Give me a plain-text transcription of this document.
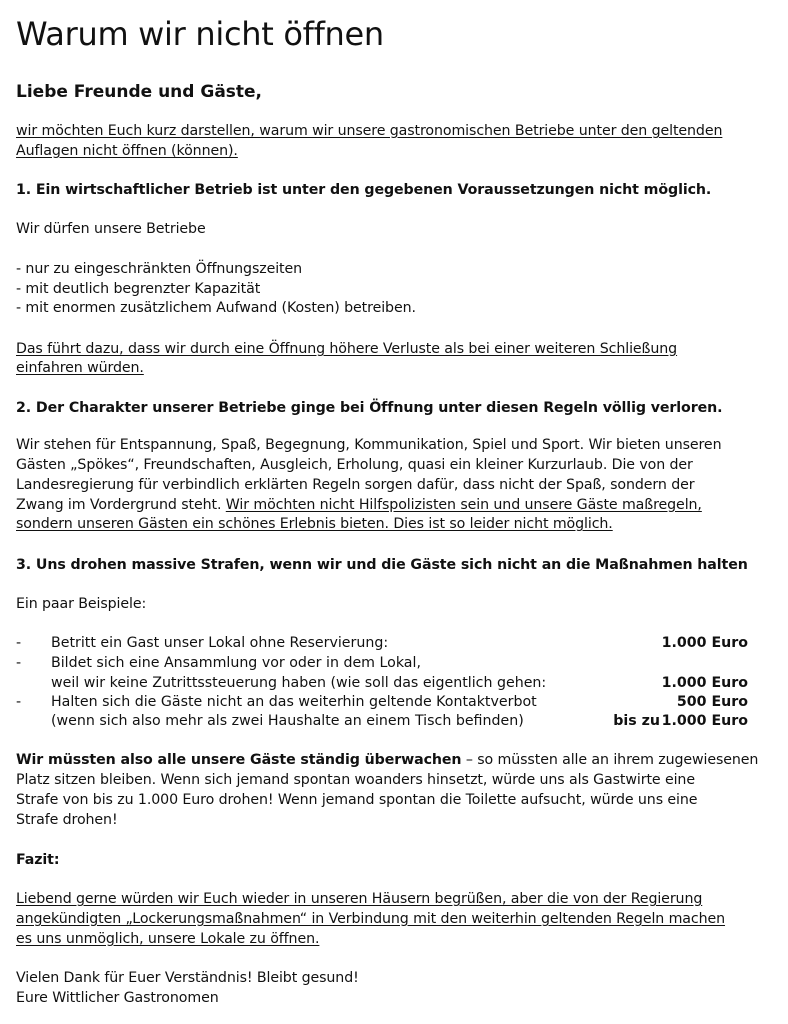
Warum wir nicht öffnen
Liebe Freunde und Gäste,
wir möchten Euch kurz darstellen, warum wir unsere gastronomischen Betriebe unter den geltenden
Auflagen nicht öffnen (können).
1. Ein wirtschaftlicher Betrieb ist unter den gegebenen Voraussetzungen nicht möglich.
Wir dürfen unsere Betriebe
- nur zu eingeschränkten Öffnungszeiten
- mit deutlich begrenzter Kapazität
- mit enormen zusätzlichem Aufwand (Kosten) betreiben.
Das führt dazu, dass wir durch eine Öffnung höhere Verluste als bei einer weiteren Schließung
einfahren würden.
2. Der Charakter unserer Betriebe ginge bei Öffnung unter diesen Regeln völlig verloren.
Wir stehen für Entspannung, Spaß, Begegnung, Kommunikation, Spiel und Sport. Wir bieten unseren
Gästen „Spökes“, Freundschaften, Ausgleich, Erholung, quasi ein kleiner Kurzurlaub. Die von der
Landesregierung für verbindlich erklärten Regeln sorgen dafür, dass nicht der Spaß, sondern der
Zwang im Vordergrund steht. Wir möchten nicht Hilfspolizisten sein und unsere Gäste maßregeln,
sondern unseren Gästen ein schönes Erlebnis bieten. Dies ist so leider nicht möglich.
3. Uns drohen massive Strafen, wenn wir und die Gäste sich nicht an die Maßnahmen halten
Ein paar Beispiele:
- Betritt ein Gast unser Lokal ohne Reservierung:	1.000 Euro
- Bildet sich eine Ansammlung vor oder in dem Lokal,
weil wir keine Zutrittssteuerung haben (wie soll das eigentlich gehen:	1.000 Euro
- Halten sich die Gäste nicht an das weiterhin geltende Kontaktverbot	500 Euro
(wenn sich also mehr als zwei Haushalte an einem Tisch befinden)	bis zu 1.000 Euro
Wir müssten also alle unsere Gäste ständig überwachen – so müssten alle an ihrem zugewiesenen
Platz sitzen bleiben. Wenn sich jemand spontan woanders hinsetzt, würde uns als Gastwirte eine
Strafe von bis zu 1.000 Euro drohen! Wenn jemand spontan die Toilette aufsucht, würde uns eine
Strafe drohen!
Fazit:
Liebend gerne würden wir Euch wieder in unseren Häusern begrüßen, aber die von der Regierung
angekündigten „Lockerungsmaßnahmen“ in Verbindung mit den weiterhin geltenden Regeln machen
es uns unmöglich, unsere Lokale zu öffnen.
Vielen Dank für Euer Verständnis! Bleibt gesund!
Eure Wittlicher Gastronomen
